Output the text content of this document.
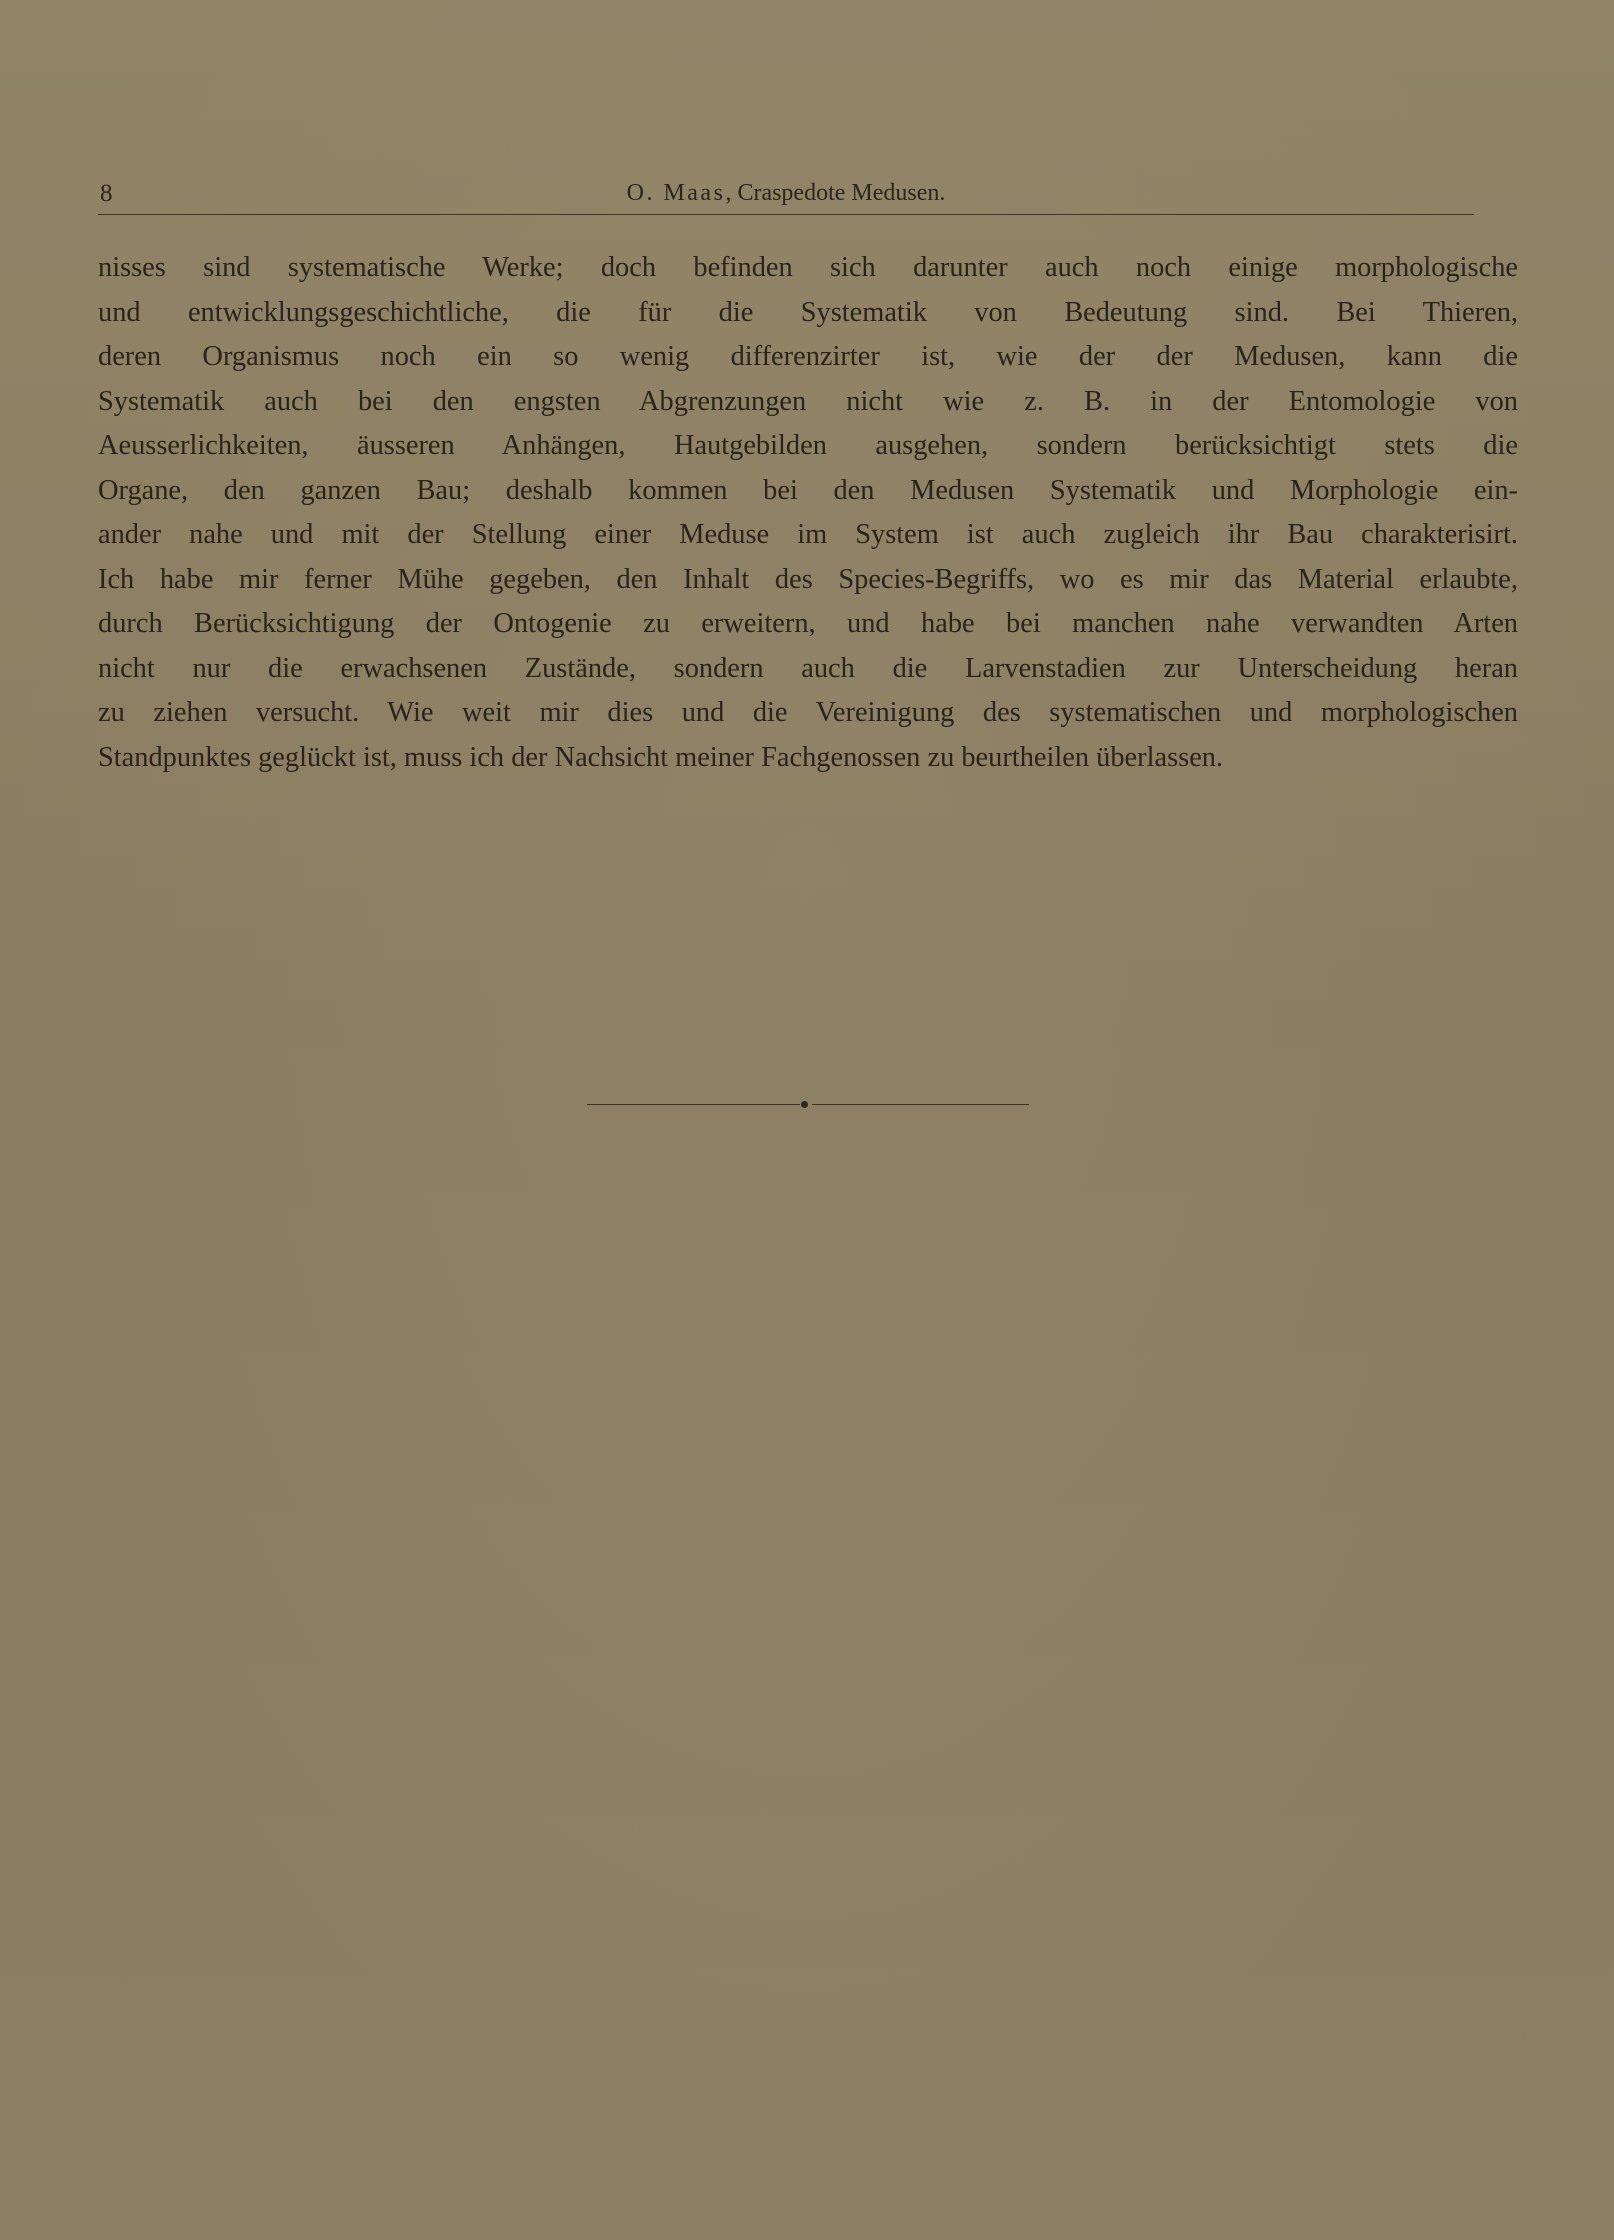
8	O. Maas, Craspedote Medusen.
nisses sind systematische Werke; doch befinden sich darunter auch noch einige morphologische
und entwicklungsgeschichtliche, die für die Systematik von Bedeutung sind. Bei Thieren,
deren Organismus noch ein so wenig differenzirter ist, wie der der Medusen, kann die
Systematik auch bei den engsten Abgrenzungen nicht wie z. B. in der Entomologie von
Aeusserlichkeiten, äusseren Anhängen, Hautgebilden ausgehen, sondern berücksichtigt stets die
Organe, den ganzen Bau; deshalb kommen bei den Medusen Systematik und Morphologie ein-
ander nahe und mit der Stellung einer Meduse im System ist auch zugleich ihr Bau charakterisirt.
Ich habe mir ferner Mühe gegeben, den Inhalt des Species-Begriffs, wo es mir das Material erlaubte,
durch Berücksichtigung der Ontogenie zu erweitern, und habe bei manchen nahe verwandten Arten
nicht nur die erwachsenen Zustände, sondern auch die Larvenstadien zur Unterscheidung heran
zu ziehen versucht. Wie weit mir dies und die Vereinigung des systematischen und morphologischen
Standpunktes geglückt ist, muss ich der Nachsicht meiner Fachgenossen zu beurtheilen überlassen.
